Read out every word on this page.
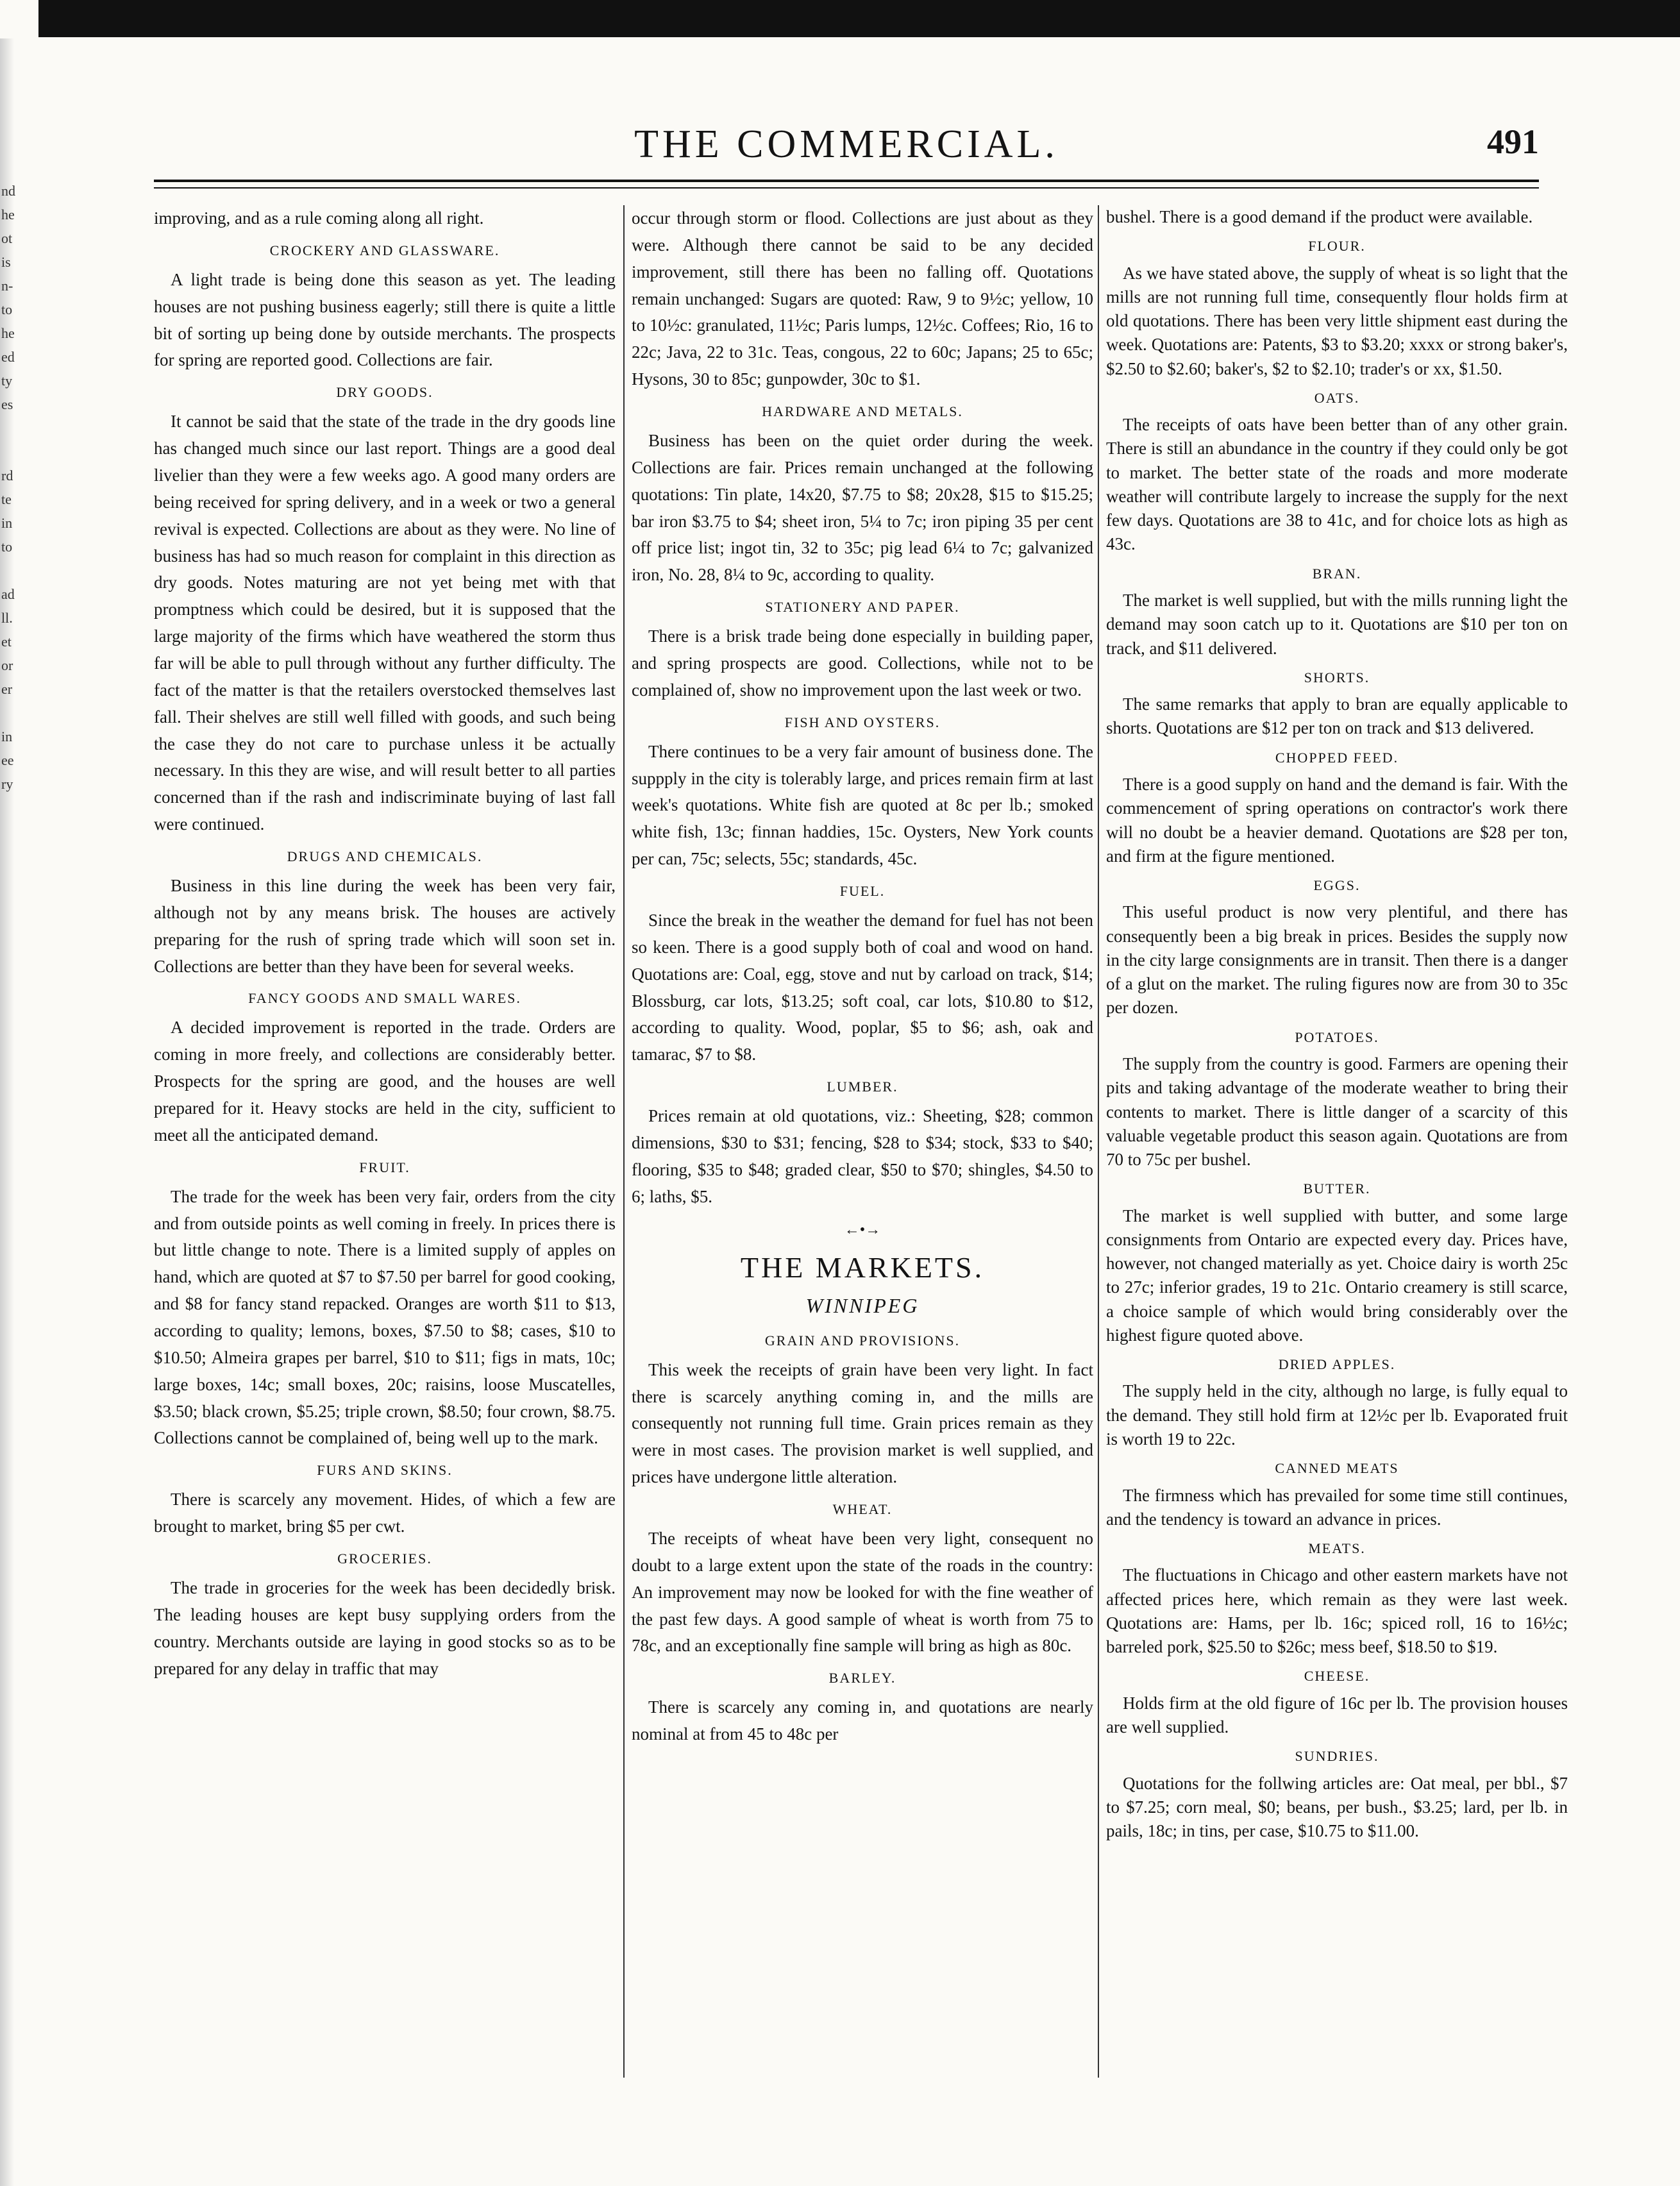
nd
he
ot
is
n-
to
he
ed
ty
es
rd
te
in
to
ad
ll.
et
or
er
in
ee
ry
THE COMMERCIAL.	491

improving, and as a rule coming along all right.

CROCKERY AND GLASSWARE.

A light trade is being done this season as yet. The leading houses are not pushing business eagerly; still there is quite a little bit of sorting up being done by outside merchants. The prospects for spring are reported good. Collections are fair.

DRY GOODS.

It cannot be said that the state of the trade in the dry goods line has changed much since our last report. Things are a good deal livelier than they were a few weeks ago. A good many orders are being received for spring delivery, and in a week or two a general revival is expected. Collections are about as they were. No line of business has had so much reason for complaint in this direction as dry goods. Notes maturing are not yet being met with that promptness which could be desired, but it is supposed that the large majority of the firms which have weathered the storm thus far will be able to pull through without any further difficulty. The fact of the matter is that the retailers overstocked themselves last fall. Their shelves are still well filled with goods, and such being the case they do not care to purchase unless it be actually necessary. In this they are wise, and will result better to all parties concerned than if the rash and indiscriminate buying of last fall were continued.

DRUGS AND CHEMICALS.

Business in this line during the week has been very fair, although not by any means brisk. The houses are actively preparing for the rush of spring trade which will soon set in. Collections are better than they have been for several weeks.

FANCY GOODS AND SMALL WARES.

A decided improvement is reported in the trade. Orders are coming in more freely, and collections are considerably better. Prospects for the spring are good, and the houses are well prepared for it. Heavy stocks are held in the city, sufficient to meet all the anticipated demand.

FRUIT.

The trade for the week has been very fair, orders from the city and from outside points as well coming in freely. In prices there is but little change to note. There is a limited supply of apples on hand, which are quoted at $7 to $7.50 per barrel for good cooking, and $8 for fancy stand repacked. Oranges are worth $11 to $13, according to quality; lemons, boxes, $7.50 to $8; cases, $10 to $10.50; Almeira grapes per barrel, $10 to $11; figs in mats, 10c; large boxes, 14c; small boxes, 20c; raisins, loose Muscatelles, $3.50; black crown, $5.25; triple crown, $8.50; four crown, $8.75. Collections cannot be complained of, being well up to the mark.

FURS AND SKINS.

There is scarcely any movement. Hides, of which a few are brought to market, bring $5 per cwt.

GROCERIES.

The trade in groceries for the week has been decidedly brisk. The leading houses are kept busy supplying orders from the country. Merchants outside are laying in good stocks so as to be prepared for any delay in traffic that may

occur through storm or flood. Collections are just about as they were. Although there cannot be said to be any decided improvement, still there has been no falling off. Quotations remain unchanged: Sugars are quoted: Raw, 9 to 9½c; yellow, 10 to 10½c: granulated, 11½c; Paris lumps, 12½c. Coffees; Rio, 16 to 22c; Java, 22 to 31c. Teas, congous, 22 to 60c; Japans; 25 to 65c; Hysons, 30 to 85c; gunpowder, 30c to $1.

HARDWARE AND METALS.

Business has been on the quiet order during the week. Collections are fair. Prices remain unchanged at the following quotations: Tin plate, 14x20, $7.75 to $8; 20x28, $15 to $15.25; bar iron $3.75 to $4; sheet iron, 5¼ to 7c; iron piping 35 per cent off price list; ingot tin, 32 to 35c; pig lead 6¼ to 7c; galvanized iron, No. 28, 8¼ to 9c, according to quality.

STATIONERY AND PAPER.

There is a brisk trade being done especially in building paper, and spring prospects are good. Collections, while not to be complained of, show no improvement upon the last week or two.

FISH AND OYSTERS.

There continues to be a very fair amount of business done. The suppply in the city is tolerably large, and prices remain firm at last week's quotations. White fish are quoted at 8c per lb.; smoked white fish, 13c; finnan haddies, 15c. Oysters, New York counts per can, 75c; selects, 55c; standards, 45c.

FUEL.

Since the break in the weather the demand for fuel has not been so keen. There is a good supply both of coal and wood on hand. Quotations are: Coal, egg, stove and nut by carload on track, $14; Blossburg, car lots, $13.25; soft coal, car lots, $10.80 to $12, according to quality. Wood, poplar, $5 to $6; ash, oak and tamarac, $7 to $8.

LUMBER.

Prices remain at old quotations, viz.: Sheeting, $28; common dimensions, $30 to $31; fencing, $28 to $34; stock, $33 to $40; flooring, $35 to $48; graded clear, $50 to $70; shingles, $4.50 to 6; laths, $5.

←•→
THE MARKETS.
WINNIPEG
GRAIN AND PROVISIONS.

This week the receipts of grain have been very light. In fact there is scarcely anything coming in, and the mills are consequently not running full time. Grain prices remain as they were in most cases. The provision market is well supplied, and prices have undergone little alteration.

WHEAT.

The receipts of wheat have been very light, consequent no doubt to a large extent upon the state of the roads in the country: An improvement may now be looked for with the fine weather of the past few days. A good sample of wheat is worth from 75 to 78c, and an exceptionally fine sample will bring as high as 80c.

BARLEY.

There is scarcely any coming in, and quotations are nearly nominal at from 45 to 48c per

bushel. There is a good demand if the product were available.

FLOUR.

As we have stated above, the supply of wheat is so light that the mills are not running full time, consequently flour holds firm at old quotations. There has been very little shipment east during the week. Quotations are: Patents, $3 to $3.20; xxxx or strong baker's, $2.50 to $2.60; baker's, $2 to $2.10; trader's or xx, $1.50.

OATS.

The receipts of oats have been better than of any other grain. There is still an abundance in the country if they could only be got to market. The better state of the roads and more moderate weather will contribute largely to increase the supply for the next few days. Quotations are 38 to 41c, and for choice lots as high as 43c.

BRAN.

The market is well supplied, but with the mills running light the demand may soon catch up to it. Quotations are $10 per ton on track, and $11 delivered.

SHORTS.

The same remarks that apply to bran are equally applicable to shorts. Quotations are $12 per ton on track and $13 delivered.

CHOPPED FEED.

There is a good supply on hand and the demand is fair. With the commencement of spring operations on contractor's work there will no doubt be a heavier demand. Quotations are $28 per ton, and firm at the figure mentioned.

EGGS.

This useful product is now very plentiful, and there has consequently been a big break in prices. Besides the supply now in the city large consignments are in transit. Then there is a danger of a glut on the market. The ruling figures now are from 30 to 35c per dozen.

POTATOES.

The supply from the country is good. Farmers are opening their pits and taking advantage of the moderate weather to bring their contents to market. There is little danger of a scarcity of this valuable vegetable product this season again. Quotations are from 70 to 75c per bushel.

BUTTER.

The market is well supplied with butter, and some large consignments from Ontario are expected every day. Prices have, however, not changed materially as yet. Choice dairy is worth 25c to 27c; inferior grades, 19 to 21c. Ontario creamery is still scarce, a choice sample of which would bring considerably over the highest figure quoted above.

DRIED APPLES.

The supply held in the city, although no large, is fully equal to the demand. They still hold firm at 12½c per lb. Evaporated fruit is worth 19 to 22c.

CANNED MEATS

The firmness which has prevailed for some time still continues, and the tendency is toward an advance in prices.

MEATS.

The fluctuations in Chicago and other eastern markets have not affected prices here, which remain as they were last week. Quotations are: Hams, per lb. 16c; spiced roll, 16 to 16½c; barreled pork, $25.50 to $26c; mess beef, $18.50 to $19.

CHEESE.

Holds firm at the old figure of 16c per lb. The provision houses are well supplied.

SUNDRIES.

Quotations for the follwing articles are: Oat meal, per bbl., $7 to $7.25; corn meal, $0; beans, per bush., $3.25; lard, per lb. in pails, 18c; in tins, per case, $10.75 to $11.00.
